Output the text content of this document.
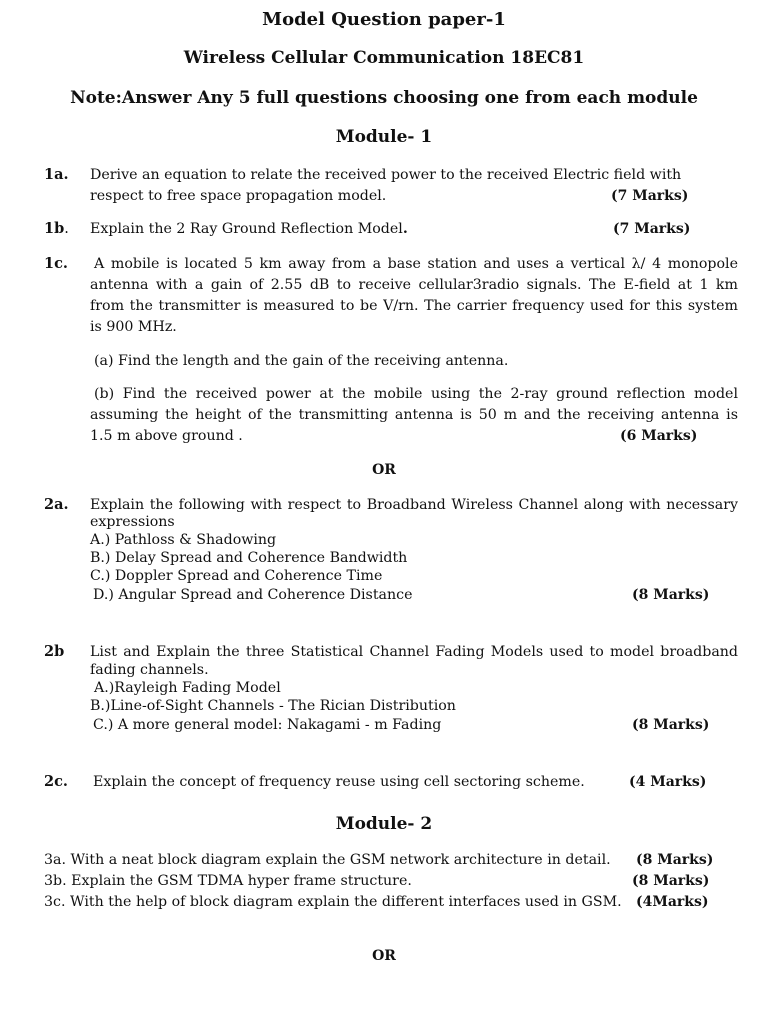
Model Question paper-1
Wireless Cellular Communication 18EC81
Note:Answer Any 5 full questions choosing one from each module
Module- 1
1a. Derive an equation to relate the received power to the received Electric field with
respect to free space propagation model.	(7 Marks)
1b. Explain the 2 Ray Ground Reflection Model.	(7 Marks)
1c. A mobile is located 5 km away from a base station and uses a vertical λ/ 4 monopole
antenna with a gain of 2.55 dB to receive cellular3radio signals. The E-field at 1 km
from the transmitter is measured to be V/rn. The carrier frequency used for this system
is 900 MHz.
(a) Find the length and the gain of the receiving antenna.
(b) Find the received power at the mobile using the 2-ray ground reflection model
assuming the height of the transmitting antenna is 50 m and the receiving antenna is
1.5 m above ground .	(6 Marks)
OR
2a. Explain the following with respect to Broadband Wireless Channel along with necessary
expressions
A.) Pathloss & Shadowing
B.) Delay Spread and Coherence Bandwidth
C.) Doppler Spread and Coherence Time
D.) Angular Spread and Coherence Distance	(8 Marks)
2b List and Explain the three Statistical Channel Fading Models used to model broadband
fading channels.
A.)Rayleigh Fading Model
B.)Line-of-Sight Channels - The Rician Distribution
C.) A more general model: Nakagami - m Fading	(8 Marks)
2c. Explain the concept of frequency reuse using cell sectoring scheme.	(4 Marks)
Module- 2
3a. With a neat block diagram explain the GSM network architecture in detail. (8 Marks)
3b. Explain the GSM TDMA hyper frame structure.	(8 Marks)
3c. With the help of block diagram explain the different interfaces used in GSM. (4Marks)
OR
